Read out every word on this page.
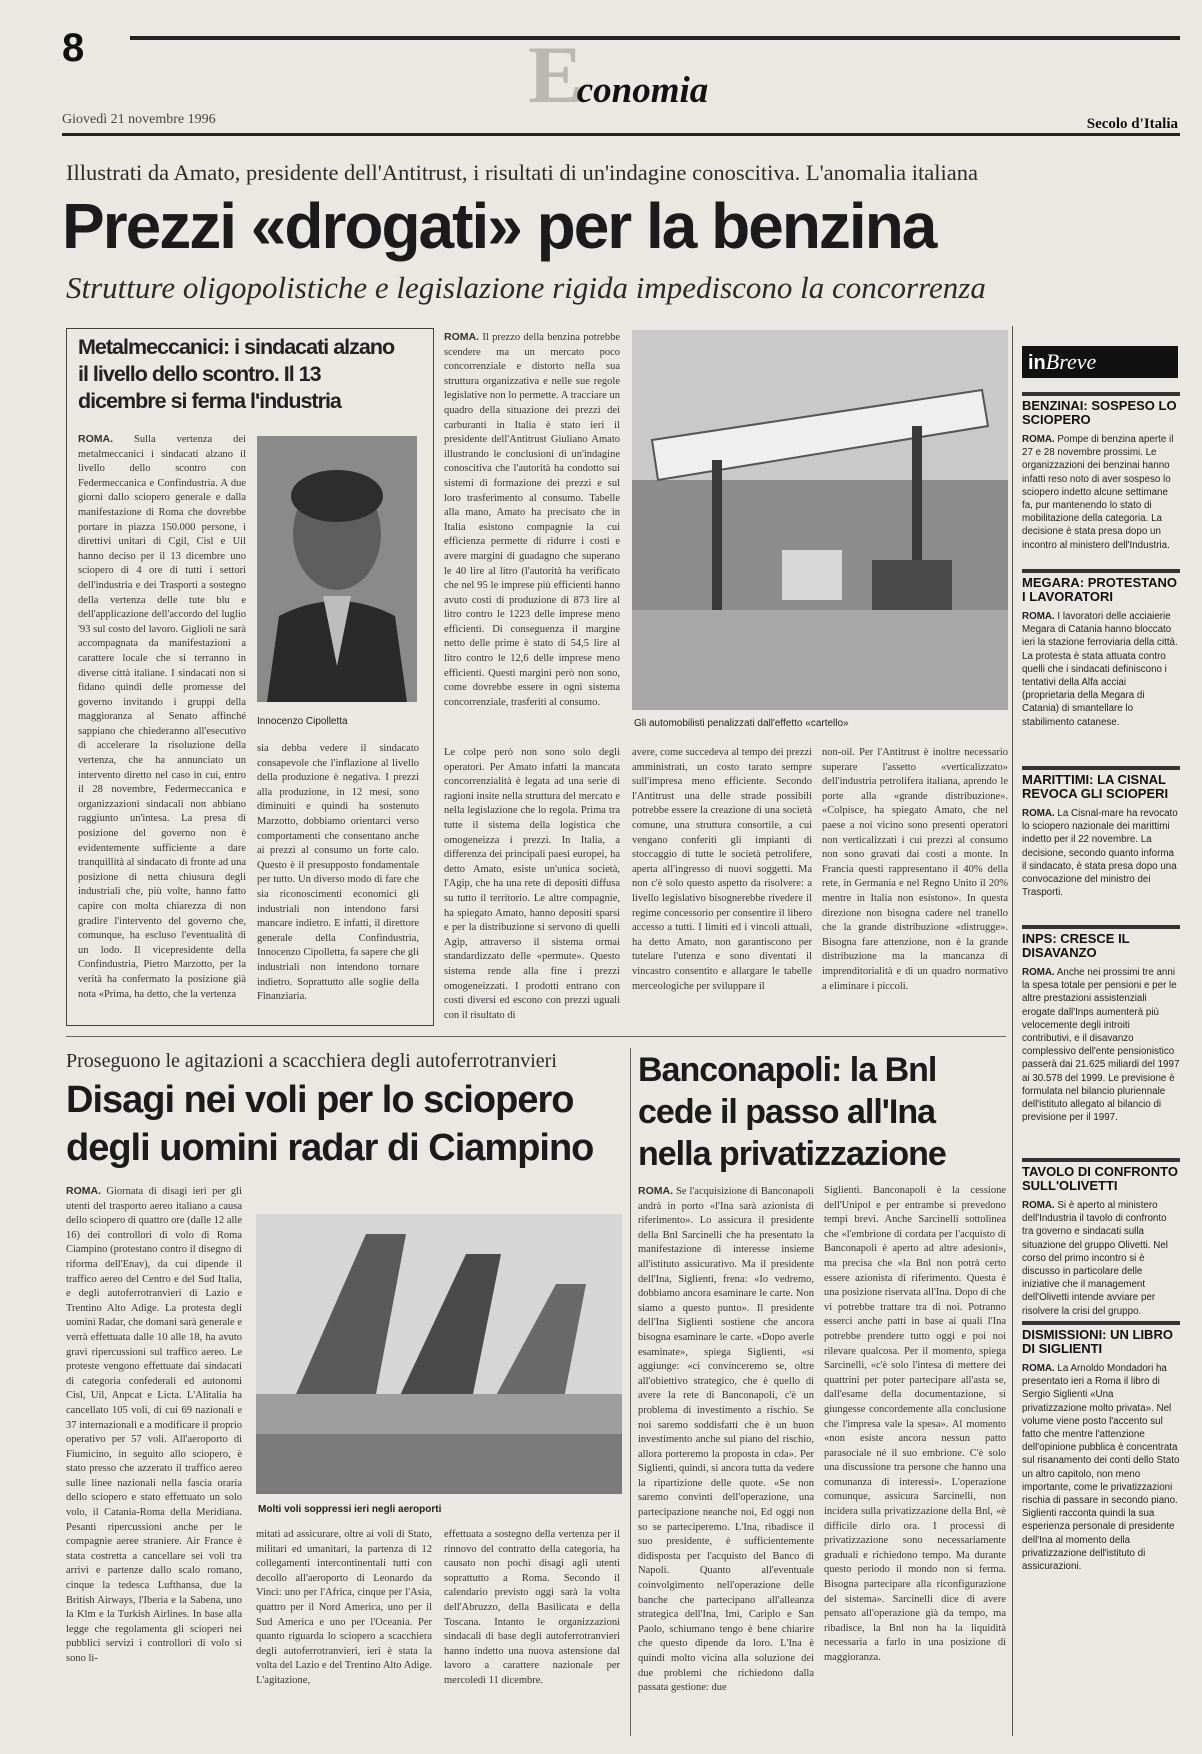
8	Economia
Giovedì 21 novembre 1996	Secolo d'Italia
Illustrati da Amato, presidente dell'Antitrust, i risultati di un'indagine conoscitiva. L'anomalia italiana
Prezzi «drogati» per la benzina
Strutture oligopolistiche e legislazione rigida impediscono la concorrenza
Metalmeccanici: i sindacati alzano il livello dello scontro. Il 13 dicembre si ferma l'industria
ROMA. Sulla vertenza dei metalmeccanici i sindacati alzano il livello dello scontro con Federmeccanica e Confindustria. A due giorni dallo sciopero generale e dalla manifestazione di Roma che dovrebbe portare in piazza 150.000 persone, i direttivi unitari di Cgil, Cisl e Uil hanno deciso per il 13 dicembre uno sciopero di 4 ore di tutti i settori dell'industria e dei Trasporti a sostegno della vertenza delle tute blu e dell'applicazione dell'accordo del luglio '93 sul costo del lavoro. Giglioli ne sarà accompagnata da manifestazioni a carattere locale che si terranno in diverse città italiane. I sindacati non si fidano quindi delle promesse del governo invitando i gruppi della maggioranza al Senato affinché sappiano che chiederanno all'esecutivo di accelerare la risoluzione della vertenza, che ha annunciato un intervento diretto nel caso in cui, entro il 28 novembre, Federmeccanica e organizzazioni sindacali non abbiano raggiunto un'intesa. La presa di posizione del governo non è evidentemente sufficiente a dare tranquillità al sindacato di fronte ad una posizione di netta chiusura degli industriali che, più volte, hanno fatto capire con molta chiarezza di non gradire l'intervento del governo che, comunque, ha escluso l'eventualità di un lodo. Il vicepresidente della Confindustria, Pietro Marzotto, per la verità ha confermato la posizione già nota «Prima, ha detto, che la vertenza
Innocenzo Cipolletta
sia debba vedere il sindacato consapevole che l'inflazione al livello della produzione è negativa. I prezzi alla produzione, in 12 mesi, sono diminuiti e quindi ha sostenuto Marzotto, dobbiamo orientarci verso comportamenti che consentano anche ai prezzi al consumo un forte calo. Questo è il presupposto fondamentale per tutto. Un diverso modo di fare che sia riconoscimenti economici gli industriali non intendono farsi mancare indietro. E infatti, il direttore generale della Confindustria, Innocenzo Cipolletta, fa sapere che gli industriali non intendono tornare indietro. Soprattutto alle soglie della Finanziaria.
ROMA. Il prezzo della benzina potrebbe scendere ma un mercato poco concorrenziale e distorto nella sua struttura organizzativa e nelle sue regole legislative non lo permette. A tracciare un quadro della situazione dei prezzi dei carburanti in Italia è stato ieri il presidente dell'Antitrust Giuliano Amato illustrando le conclusioni di un'indagine conoscitiva che l'autorità ha condotto sui sistemi di formazione dei prezzi e sul loro trasferimento al consumo. Tabelle alla mano, Amato ha precisato che in Italia esistono compagnie la cui efficienza permette di ridurre i costi e avere margini di guadagno che superano le 40 lire al litro (l'autorità ha verificato che nel 95 le imprese più efficienti hanno avuto costi di produzione di 873 lire al litro contro le 1223 delle imprese meno efficienti. Di conseguenza il margine netto delle prime è stato di 54,5 lire al litro contro le 12,6 delle imprese meno efficienti. Questi margini però non sono, come dovrebbe essere in ogni sistema concorrenziale, trasferiti al consumo.
Gli automobilisti penalizzati dall'effetto «cartello»
Le colpe però non sono solo degli operatori. Per Amato infatti la mancata concorrenzialità è legata ad una serie di ragioni insite nella struttura del mercato e nella legislazione che lo regola. Prima tra tutte il sistema della logistica che omogeneizza i prezzi. In Italia, a differenza dei principali paesi europei, ha detto Amato, esiste un'unica società, l'Agip, che ha una rete di depositi diffusa su tutto il territorio. Le altre compagnie, ha spiegato Amato, hanno depositi sparsi e per la distribuzione si servono di quelli Agip, attraverso il sistema ormai standardizzato delle «permute». Questo sistema rende alla fine i prezzi omogeneizzati. I prodotti entrano con costi diversi ed escono con prezzi uguali con il risultato di
avere, come succedeva al tempo dei prezzi amministrati, un costo tarato sempre sull'impresa meno efficiente. Secondo l'Antitrust una delle strade possibili potrebbe essere la creazione di una società comune, una struttura consortile, a cui vengano conferiti gli impianti di stoccaggio di tutte le società petrolifere, aperta all'ingresso di nuovi soggetti. Ma non c'è solo questo aspetto da risolvere: a livello legislativo bisognerebbe rivedere il regime concessorio per consentire il libero accesso a tutti. I limiti ed i vincoli attuali, ha detto Amato, non garantiscono per tutelare l'utenza e sono diventati il vincastro consentito e allargare le tabelle merceologiche per sviluppare il
non-oil. Per l'Antitrust è inoltre necessario superare l'assetto «verticalizzato» dell'industria petrolifera italiana, aprendo le porte alla «grande distribuzione». «Colpisce, ha spiegato Amato, che nel paese a noi vicino sono presenti operatori non verticalizzati i cui prezzi al consumo non sono gravati dai costi a monte. In Francia questi rappresentano il 40% della rete, in Germania e nel Regno Unito il 20% mentre in Italia non esistono». In questa direzione non bisogna cadere nel tranello che la grande distribuzione «distrugge». Bisogna fare attenzione, non è la grande distribuzione ma la mancanza di imprenditorialità e di un quadro normativo a eliminare i piccoli.
Proseguono le agitazioni a scacchiera degli autoferrotranvieri
Disagi nei voli per lo sciopero
degli uomini radar di Ciampino
ROMA. Giornata di disagi ieri per gli utenti del trasporto aereo italiano a causa dello sciopero di quattro ore (dalle 12 alle 16) dei controllori di volo di Roma Ciampino (protestano contro il disegno di riforma dell'Enav), da cui dipende il traffico aereo del Centro e del Sud Italia, e degli autoferrotranvieri di Lazio e Trentino Alto Adige. La protesta degli uomini Radar, che domani sarà generale e verrà effettuata dalle 10 alle 18, ha avuto gravi ripercussioni sul traffico aereo. Le proteste vengono effettuate dai sindacati di categoria confederali ed autonomi Cisl, Uil, Anpcat e Licta. L'Alitalia ha cancellato 105 voli, di cui 69 nazionali e 37 internazionali e a modificare il proprio operativo per 57 voli. All'aeroporto di Fiumicino, in seguito allo sciopero, è stato presso che azzerato il traffico aereo sulle linee nazionali nella fascia oraria dello sciopero e stato effettuato un solo volo, il Catania-Roma della Meridiana. Pesanti ripercussioni anche per le compagnie aeree straniere. Air France è stata costretta a cancellare sei voli tra arrivi e partenze dallo scalo romano, cinque la tedesca Lufthansa, due la British Airways, l'Iberia e la Sabena, uno la Klm e la Turkish Airlines. In base alla legge che regolamenta gli scioperi nei pubblici servizi i controllori di volo si sono li-
Molti voli soppressi ieri negli aeroporti
mitati ad assicurare, oltre ai voli di Stato, militari ed umanitari, la partenza di 12 collegamenti intercontinentali tutti con decollo all'aeroporto di Leonardo da Vinci: uno per l'Africa, cinque per l'Asia, quattro per il Nord America, uno per il Sud America e uno per l'Oceania. Per quanto riguarda lo sciopero a scacchiera degli autoferrotranvieri, ieri è stata la volta del Lazio e del Trentino Alto Adige. L'agitazione,
effettuata a sostegno della vertenza per il rinnovo del contratto della categoria, ha causato non pochi disagi agli utenti soprattutto a Roma. Secondo il calendario previsto oggi sarà la volta dell'Abruzzo, della Basilicata e della Toscana. Intanto le organizzazioni sindacali di base degli autoferrotranvieri hanno indetto una nuova astensione dal lavoro a carattere nazionale per mercoledì 11 dicembre.
Banconapoli: la Bnl
cede il passo all'Ina
nella privatizzazione
ROMA. Se l'acquisizione di Banconapoli andrà in porto «l'Ina sarà azionista di riferimento». Lo assicura il presidente della Bnl Sarcinelli che ha presentato la manifestazione di interesse insieme all'istituto assicurativo. Ma il presidente dell'Ina, Siglienti, frena: «Io vedremo, dobbiamo ancora esaminare le carte. Non siamo a questo punto». Il presidente dell'Ina Siglienti sostiene che ancora bisogna esaminare le carte. «Dopo averle esaminate», spiega Siglienti, «si aggiunge: «ci convinceremo se, oltre all'obiettivo strategico, che è quello di avere la rete di Banconapoli, c'è un problema di investimento a rischio. Se noi saremo soddisfatti che è un buon investimento anche sul piano del rischio, allora porteremo la proposta in cda». Per Siglienti, quindi, si ancora tutta da vedere la ripartizione delle quote. «Se non saremo convinti dell'operazione, una partecipazione neanche noi, Ed oggi non so se parteciperemo. L'Ina, ribadisce il suo presidente, è sufficientemente didisposta per l'acquisto del Banco di Napoli. Quanto all'eventuale coinvolgimento nell'operazione delle banche che partecipano all'alleanza strategica dell'Ina, Imi, Cariplo e San Paolo, schiumano tengo è bene chiarire che questo dipende da loro. L'Ina è quindi molto vicina alla soluzione dei due problemi che richiedono dalla passata gestione: due
Siglienti. Banconapoli è la cessione dell'Unipol e per entrambe si prevedono tempi brevi. Anche Sarcinelli sottolinea che «l'embrione di cordata per l'acquisto di Banconapoli è aperto ad altre adesioni», ma precisa che «la Bnl non potrà certo essere azionista di riferimento. Questa è una posizione riservata all'Ina. Dopo di che vi potrebbe trattare tra di noi. Potranno esserci anche patti in base ai quali l'Ina potrebbe prendere tutto oggi e poi noi rilevare qualcosa. Per il momento, spiega Sarcinelli, «c'è solo l'intesa di mettere dei quattrini per poter partecipare all'asta se, dall'esame della documentazione, si giungesse concordemente alla conclusione che l'impresa vale la spesa». Al momento «non esiste ancora nessun patto parasociale né il suo embrione. C'è solo una discussione tra persone che hanno una comunanza di interessi». L'operazione comunque, assicura Sarcinelli, non incidera sulla privatizzazione della Bnl, «è difficile dirlo ora. I processi di privatizzazione sono necessariamente graduali e richiedono tempo. Ma durante questo periodo il mondo non si ferma. Bisogna partecipare alla riconfigurazione del sistema». Sarcinelli dice di avere pensato all'operazione già da tempo, ma ribadisce, la Bnl non ha la liquidità necessaria a farlo in una posizione di maggioranza.
inBreve
BENZINAI: SOSPESO LO SCIOPERO
ROMA. Pompe di benzina aperte il 27 e 28 novembre prossimi. Le organizzazioni dei benzinai hanno infatti reso noto di aver sospeso lo sciopero indetto alcune settimane fa, pur mantenendo lo stato di mobilitazione della categoria. La decisione è stata presa dopo un incontro al ministero dell'Industria.
MEGARA: PROTESTANO I LAVORATORI
ROMA. I lavoratori delle acciaierie Megara di Catania hanno bloccato ieri la stazione ferroviaria della città. La protesta è stata attuata contro quelli che i sindacati definiscono i tentativi della Alfa acciai (proprietaria della Megara di Catania) di smantellare lo stabilimento catanese.
MARITTIMI: LA CISNAL REVOCA GLI SCIOPERI
ROMA. La Cisnal-mare ha revocato lo sciopero nazionale dei marittimi indetto per il 22 novembre. La decisione, secondo quanto informa il sindacato, è stata presa dopo una convocazione del ministro dei Trasporti.
INPS: CRESCE IL DISAVANZO
ROMA. Anche nei prossimi tre anni la spesa totale per pensioni e per le altre prestazioni assistenziali erogate dall'Inps aumenterà più velocemente degli introiti contributivi, e il disavanzo complessivo dell'ente pensionistico passerà dai 21.625 miliardi del 1997 ai 30.578 del 1999. Le previsione è formulata nel bilancio pluriennale dell'istituto allegato al bilancio di previsione per il 1997.
TAVOLO DI CONFRONTO SULL'OLIVETTI
ROMA. Si è aperto al ministero dell'Industria il tavolo di confronto tra governo e sindacati sulla situazione del gruppo Olivetti. Nel corso del primo incontro si è discusso in particolare delle iniziative che il management dell'Olivetti intende avviare per risolvere la crisi del gruppo.
DISMISSIONI: UN LIBRO DI SIGLIENTI
ROMA. La Arnoldo Mondadori ha presentato ieri a Roma il libro di Sergio Siglienti «Una privatizzazione molto privata». Nel volume viene posto l'accento sul fatto che mentre l'attenzione dell'opinione pubblica è concentrata sul risanamento dei conti dello Stato un altro capitolo, non meno importante, come le privatizzazioni rischia di passare in secondo piano. Siglienti racconta quindi la sua esperienza personale di presidente dell'Ina al momento della privatizzazione dell'istituto di assicurazioni.
